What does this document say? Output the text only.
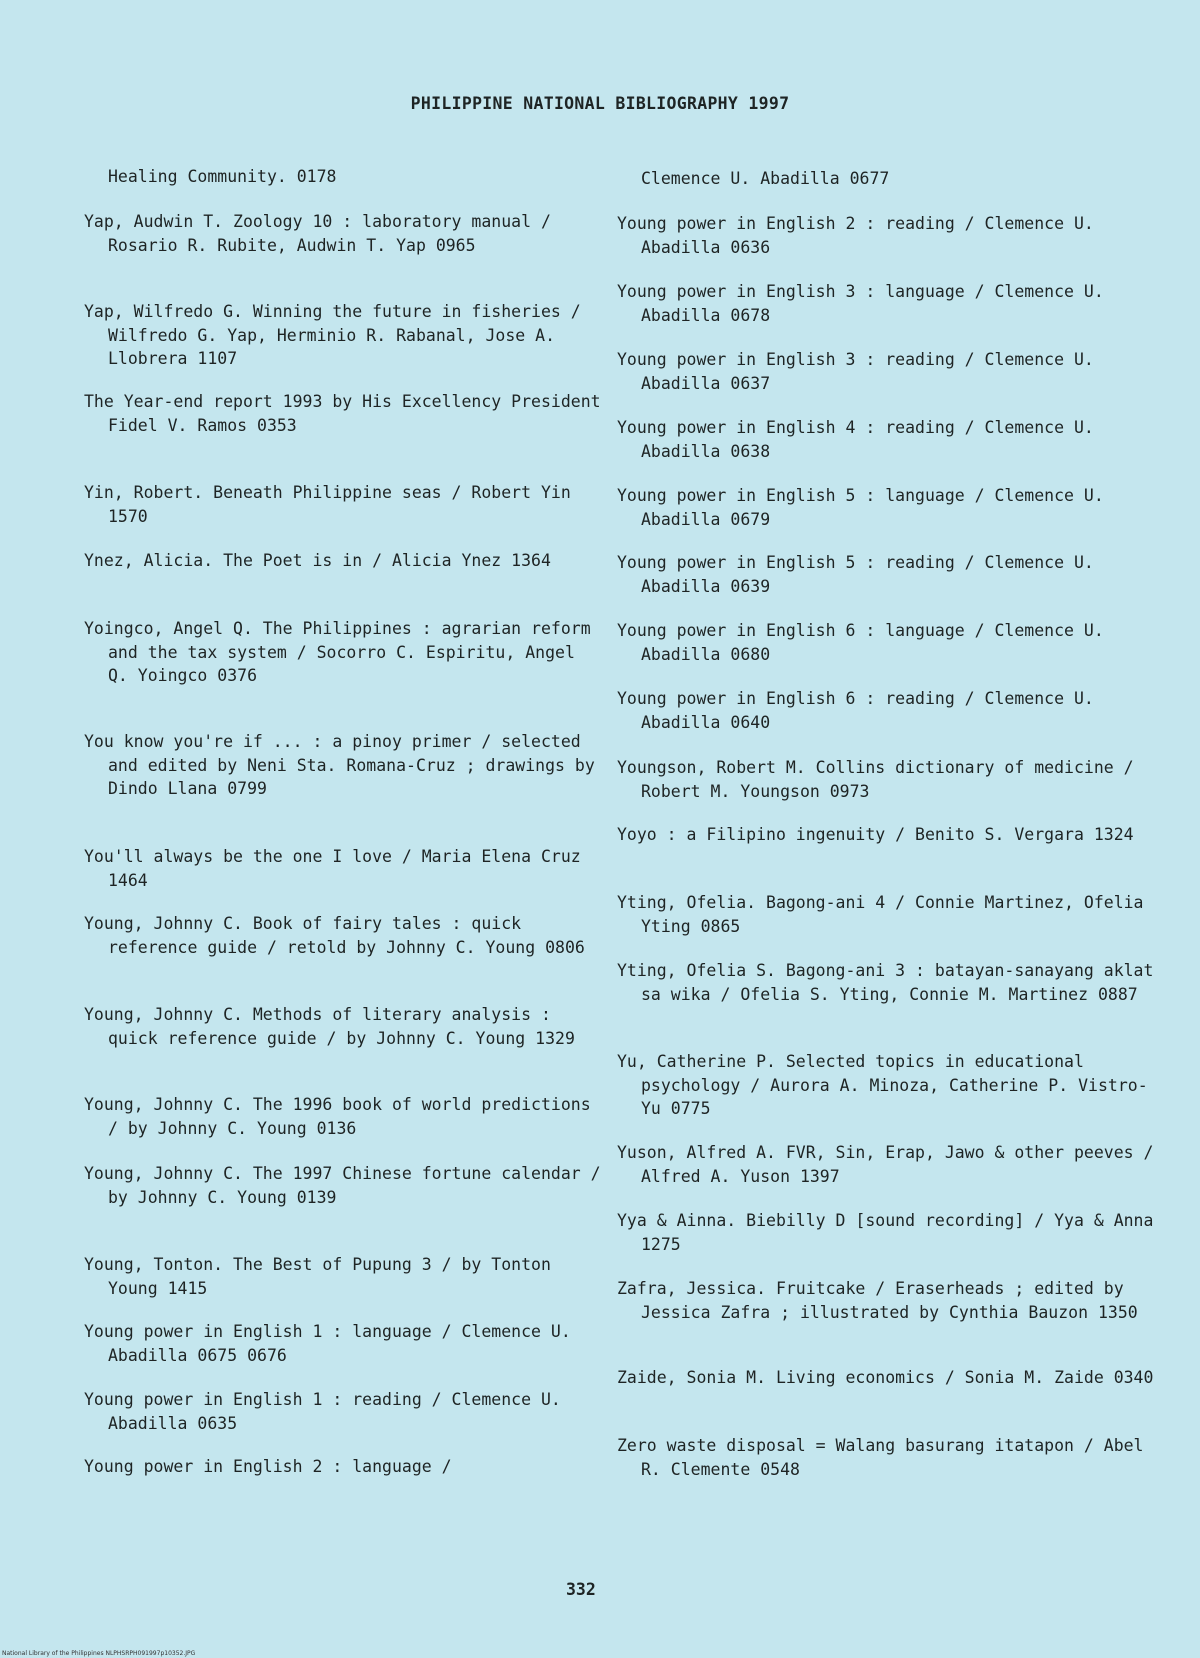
PHILIPPINE NATIONAL BIBLIOGRAPHY 1997
Healing Community. 0178
Yap, Audwin T. Zoology 10 : laboratory manual / Rosario R. Rubite, Audwin T. Yap 0965
Yap, Wilfredo G. Winning the future in fisheries / Wilfredo G. Yap, Herminio R. Rabanal, Jose A. Llobrera 1107
The Year-end report 1993 by His Excellency President Fidel V. Ramos 0353
Yin, Robert. Beneath Philippine seas / Robert Yin 1570
Ynez, Alicia. The Poet is in / Alicia Ynez 1364
Yoingco, Angel Q. The Philippines : agrarian reform and the tax system / Socorro C. Espiritu, Angel Q. Yoingco 0376
You know you're if ... : a pinoy primer / selected and edited by Neni Sta. Romana-Cruz ; drawings by Dindo Llana 0799
You'll always be the one I love / Maria Elena Cruz 1464
Young, Johnny C. Book of fairy tales : quick reference guide / retold by Johnny C. Young 0806
Young, Johnny C. Methods of literary analysis : quick reference guide / by Johnny C. Young 1329
Young, Johnny C. The 1996 book of world predictions / by Johnny C. Young 0136
Young, Johnny C. The 1997 Chinese fortune calendar / by Johnny C. Young 0139
Young, Tonton. The Best of Pupung 3 / by Tonton Young 1415
Young power in English 1 : language / Clemence U. Abadilla 0675 0676
Young power in English 1 : reading / Clemence U. Abadilla 0635
Young power in English 2 : language /
Clemence U. Abadilla 0677
Young power in English 2 : reading / Clemence U. Abadilla 0636
Young power in English 3 : language / Clemence U. Abadilla 0678
Young power in English 3 : reading / Clemence U. Abadilla 0637
Young power in English 4 : reading / Clemence U. Abadilla 0638
Young power in English 5 : language / Clemence U. Abadilla 0679
Young power in English 5 : reading / Clemence U. Abadilla 0639
Young power in English 6 : language / Clemence U. Abadilla 0680
Young power in English 6 : reading / Clemence U. Abadilla 0640
Youngson, Robert M. Collins dictionary of medicine / Robert M. Youngson 0973
Yoyo : a Filipino ingenuity / Benito S. Vergara 1324
Yting, Ofelia. Bagong-ani 4 / Connie Martinez, Ofelia Yting 0865
Yting, Ofelia S. Bagong-ani 3 : batayan-sanayang aklat sa wika / Ofelia S. Yting, Connie M. Martinez 0887
Yu, Catherine P. Selected topics in educational psychology / Aurora A. Minoza, Catherine P. Vistro-Yu 0775
Yuson, Alfred A. FVR, Sin, Erap, Jawo & other peeves / Alfred A. Yuson 1397
Yya & Ainna. Biebilly D [sound recording] / Yya & Anna 1275
Zafra, Jessica. Fruitcake / Eraserheads ; edited by Jessica Zafra ; illustrated by Cynthia Bauzon 1350
Zaide, Sonia M. Living economics / Sonia M. Zaide 0340
Zero waste disposal = Walang basurang itatapon / Abel R. Clemente 0548
332
National Library of the Philippines NLPHSRPH091997p10352.JPG
